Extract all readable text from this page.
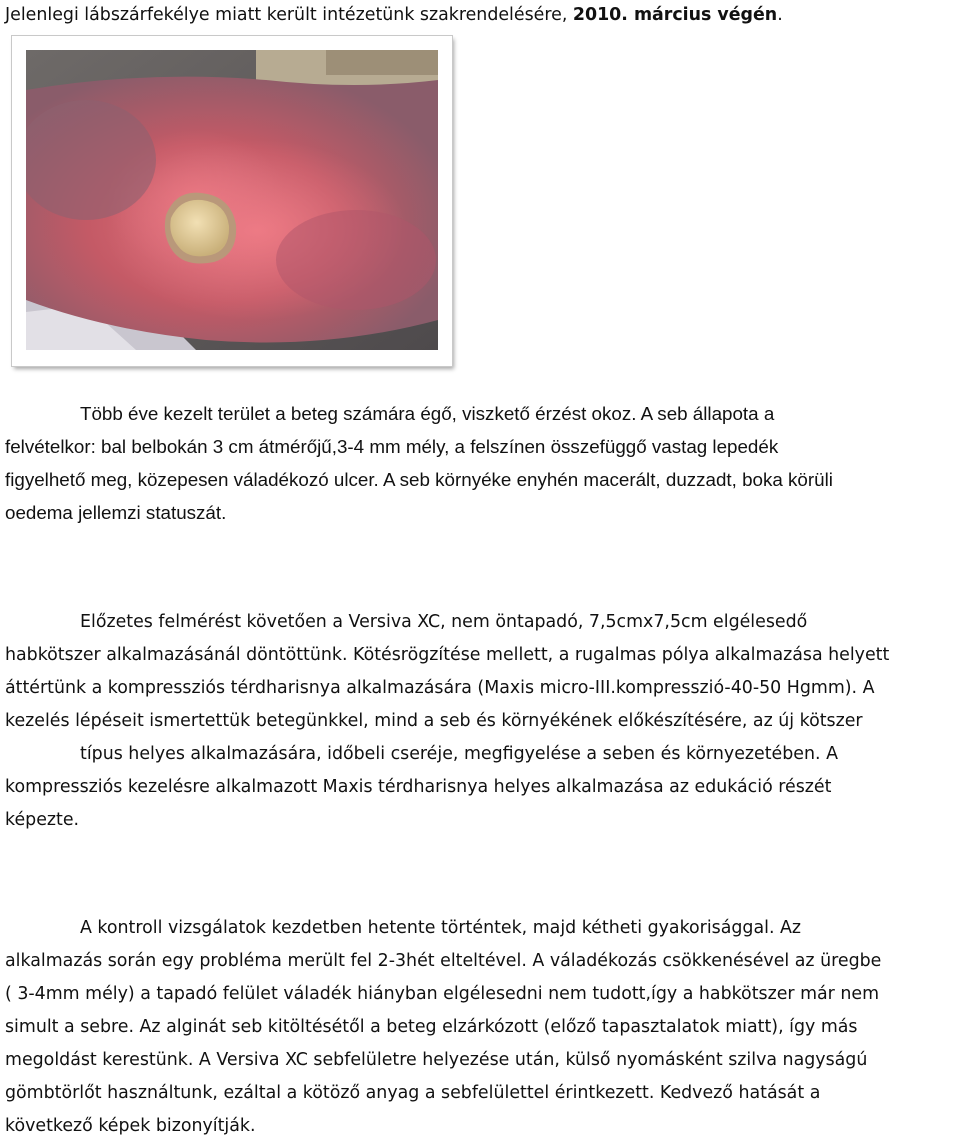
Jelenlegi lábszárfekélye miatt került intézetünk szakrendelésére, 2010. március végén.
Több éve kezelt terület a beteg számára égő, viszkető érzést okoz. A seb állapota a
felvételkor: bal belbokán 3 cm átmérőjű,3-4 mm mély, a felszínen összefüggő vastag lepedék
figyelhető meg, közepesen váladékozó ulcer. A seb környéke enyhén macerált, duzzadt, boka körüli
oedema jellemzi statuszát.
Előzetes felmérést követően a Versiva XC, nem öntapadó, 7,5cmx7,5cm elgélesedő
habkötszer alkalmazásánál döntöttünk. Kötésrögzítése mellett, a rugalmas pólya alkalmazása helyett
áttértünk a kompressziós térdharisnya alkalmazására (Maxis micro-III.kompresszió-40-50 Hgmm). A
kezelés lépéseit ismertettük betegünkkel, mind a seb és környékének előkészítésére, az új kötszer
típus helyes alkalmazására, időbeli cseréje, megfigyelése a seben és környezetében. A
kompressziós kezelésre alkalmazott Maxis térdharisnya helyes alkalmazása az edukáció részét
képezte.
A kontroll vizsgálatok kezdetben hetente történtek, majd kétheti gyakorisággal. Az
alkalmazás során egy probléma merült fel 2-3hét elteltével. A váladékozás csökkenésével az üregbe
( 3-4mm mély) a tapadó felület váladék hiányban elgélesedni nem tudott,így a habkötszer már nem
simult a sebre. Az alginát seb kitöltésétől a beteg elzárkózott (előző tapasztalatok miatt), így más
megoldást kerestünk. A Versiva XC sebfelületre helyezése után, külső nyomásként szilva nagyságú
gömbtörlőt használtunk, ezáltal a kötöző anyag a sebfelülettel érintkezett. Kedvező hatását a
következő képek bizonyítják.
